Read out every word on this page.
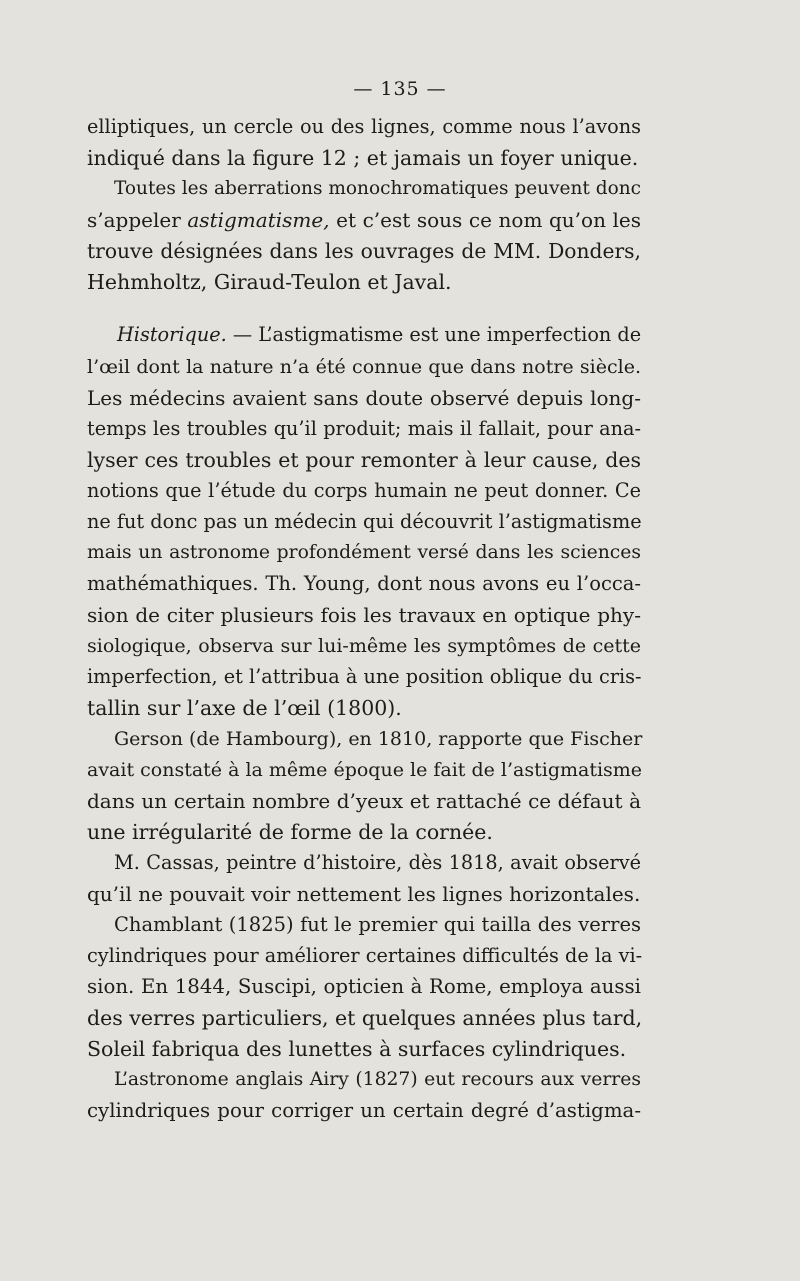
— 135 —
elliptiques, un cercle ou des lignes, comme nous l’avons
indiqué dans la figure 12 ; et jamais un foyer unique.
Toutes les aberrations monochromatiques peuvent donc
s’appeler astigmatisme, et c’est sous ce nom qu’on les
trouve désignées dans les ouvrages de MM. Donders,
Hehmholtz, Giraud-Teulon et Javal.
Historique. — L’astigmatisme est une imperfection de
l’œil dont la nature n’a été connue que dans notre siècle.
Les médecins avaient sans doute observé depuis long-
temps les troubles qu’il produit; mais il fallait, pour ana-
lyser ces troubles et pour remonter à leur cause, des
notions que l’étude du corps humain ne peut donner. Ce
ne fut donc pas un médecin qui découvrit l’astigmatisme
mais un astronome profondément versé dans les sciences
mathémathiques. Th. Young, dont nous avons eu l’occa-
sion de citer plusieurs fois les travaux en optique phy-
siologique, observa sur lui-même les symptômes de cette
imperfection, et l’attribua à une position oblique du cris-
tallin sur l’axe de l’œil (1800).
Gerson (de Hambourg), en 1810, rapporte que Fischer
avait constaté à la même époque le fait de l’astigmatisme
dans un certain nombre d’yeux et rattaché ce défaut à
une irrégularité de forme de la cornée.
M. Cassas, peintre d’histoire, dès 1818, avait observé
qu’il ne pouvait voir nettement les lignes horizontales.
Chamblant (1825) fut le premier qui tailla des verres
cylindriques pour améliorer certaines difficultés de la vi-
sion. En 1844, Suscipi, opticien à Rome, employa aussi
des verres particuliers, et quelques années plus tard,
Soleil fabriqua des lunettes à surfaces cylindriques.
L’astronome anglais Airy (1827) eut recours aux verres
cylindriques pour corriger un certain degré d’astigma-
